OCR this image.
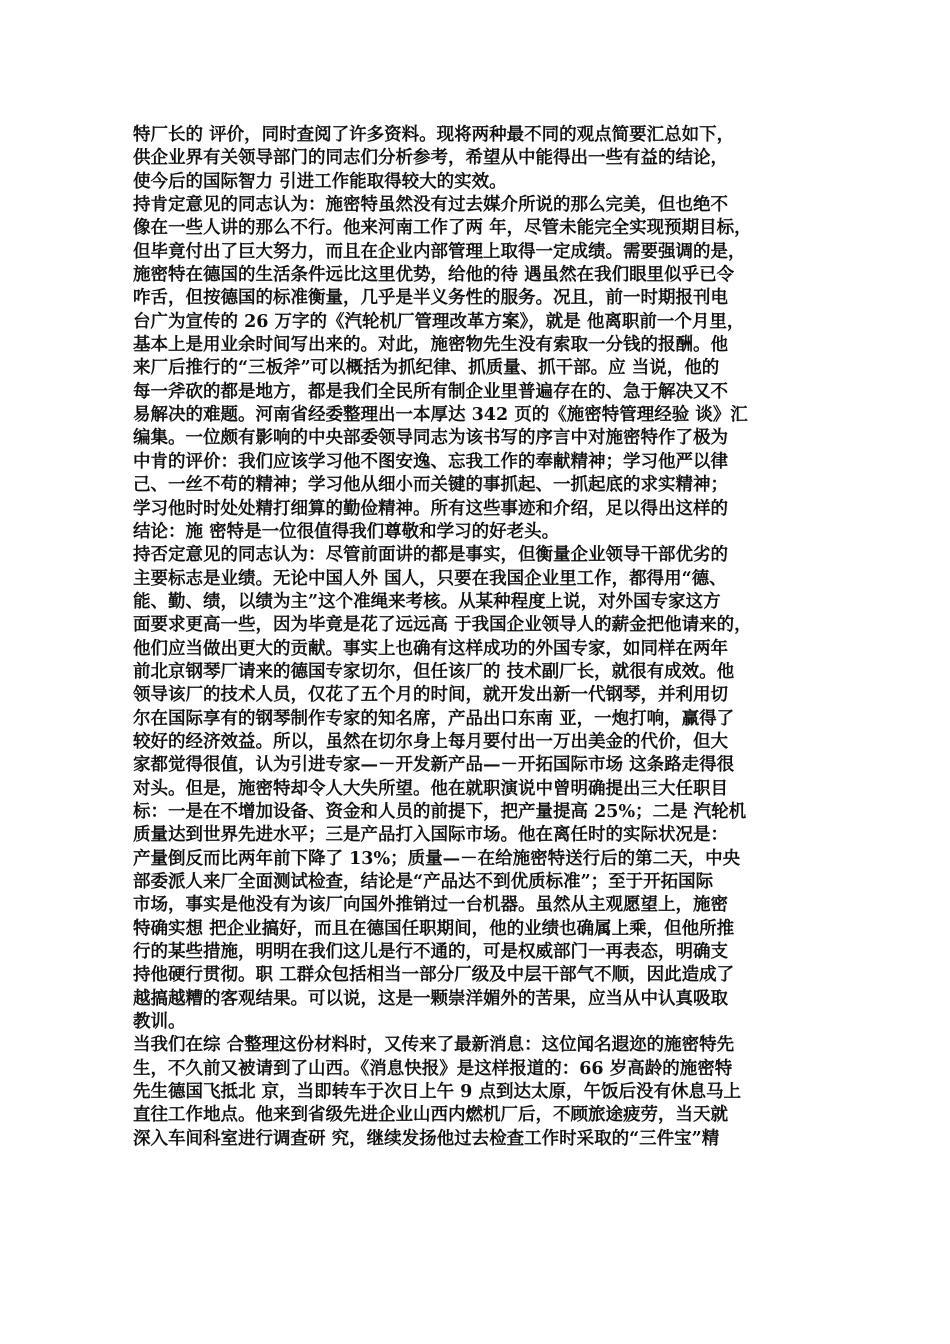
特厂长的 评价，同时查阅了许多资料。现将两种最不同的观点简要汇总如下，
供企业界有关领导部门的同志们分析参考，希望从中能得出一些有益的结论，
使今后的国际智力 引进工作能取得较大的实效。
持肯定意见的同志认为：施密特虽然没有过去媒介所说的那么完美，但也绝不
像在一些人讲的那么不行。他来河南工作了两 年，尽管未能完全实现预期目标，
但毕竟付出了巨大努力，而且在企业内部管理上取得一定成绩。需要强调的是，
施密特在德国的生活条件远比这里优势，给他的待 遇虽然在我们眼里似乎已令
咋舌，但按德国的标准衡量，几乎是半义务性的服务。况且，前一时期报刊电
台广为宣传的 26 万字的《汽轮机厂管理改革方案》，就是 他离职前一个月里，
基本上是用业余时间写出来的。对此，施密物先生没有索取一分钱的报酬。他
来厂后推行的“三板斧”可以概括为抓纪律、抓质量、抓干部。应 当说，他的
每一斧砍的都是地方，都是我们全民所有制企业里普遍存在的、急于解决又不
易解决的难题。河南省经委整理出一本厚达 342 页的《施密特管理经验 谈》汇
编集。一位颇有影响的中央部委领导同志为该书写的序言中对施密特作了极为
中肯的评价：我们应该学习他不图安逸、忘我工作的奉献精神；学习他严以律
己、一丝不苟的精神；学习他从细小而关键的事抓起、一抓起底的求实精神；
学习他时时处处精打细算的勤俭精神。所有这些事迹和介绍，足以得出这样的
结论：施 密特是一位很值得我们尊敬和学习的好老头。
持否定意见的同志认为：尽管前面讲的都是事实，但衡量企业领导干部优劣的
主要标志是业绩。无论中国人外 国人，只要在我国企业里工作，都得用“德、
能、勤、绩，以绩为主”这个准绳来考核。从某种程度上说，对外国专家这方
面要求更高一些，因为毕竟是花了远远高 于我国企业领导人的薪金把他请来的，
他们应当做出更大的贡献。事实上也确有这样成功的外国专家，如同样在两年
前北京钢琴厂请来的德国专家切尔，但任该厂的 技术副厂长，就很有成效。他
领导该厂的技术人员，仅花了五个月的时间，就开发出新一代钢琴，并利用切
尔在国际享有的钢琴制作专家的知名席，产品出口东南 亚，一炮打响，赢得了
较好的经济效益。所以，虽然在切尔身上每月要付出一万出美金的代价，但大
家都觉得很值，认为引进专家—－开发新产品—－开拓国际市场 这条路走得很
对头。但是，施密特却令人大失所望。他在就职演说中曾明确提出三大任职目
标：一是在不增加设备、资金和人员的前提下，把产量提高 25%；二是 汽轮机
质量达到世界先进水平；三是产品打入国际市场。他在离任时的实际状况是：
产量倒反而比两年前下降了 13%；质量—－在给施密特送行后的第二天，中央
部委派人来厂全面测试检查，结论是“产品达不到优质标准”；至于开拓国际
市场，事实是他没有为该厂向国外推销过一台机器。虽然从主观愿望上，施密
特确实想 把企业搞好，而且在德国任职期间，他的业绩也确属上乘，但他所推
行的某些措施，明明在我们这儿是行不通的，可是权威部门一再表态，明确支
持他硬行贯彻。职 工群众包括相当一部分厂级及中层干部气不顺，因此造成了
越搞越糟的客观结果。可以说，这是一颗崇洋媚外的苦果，应当从中认真吸取
教训。
当我们在综 合整理这份材料时，又传来了最新消息：这位闻名遐迩的施密特先
生，不久前又被请到了山西。《消息快报》是这样报道的：66 岁高龄的施密特
先生德国飞抵北 京，当即转车于次日上午 9 点到达太原，午饭后没有休息马上
直往工作地点。他来到省级先进企业山西内燃机厂后，不顾旅途疲劳，当天就
深入车间科室进行调查研 究，继续发扬他过去检查工作时采取的“三件宝”精
